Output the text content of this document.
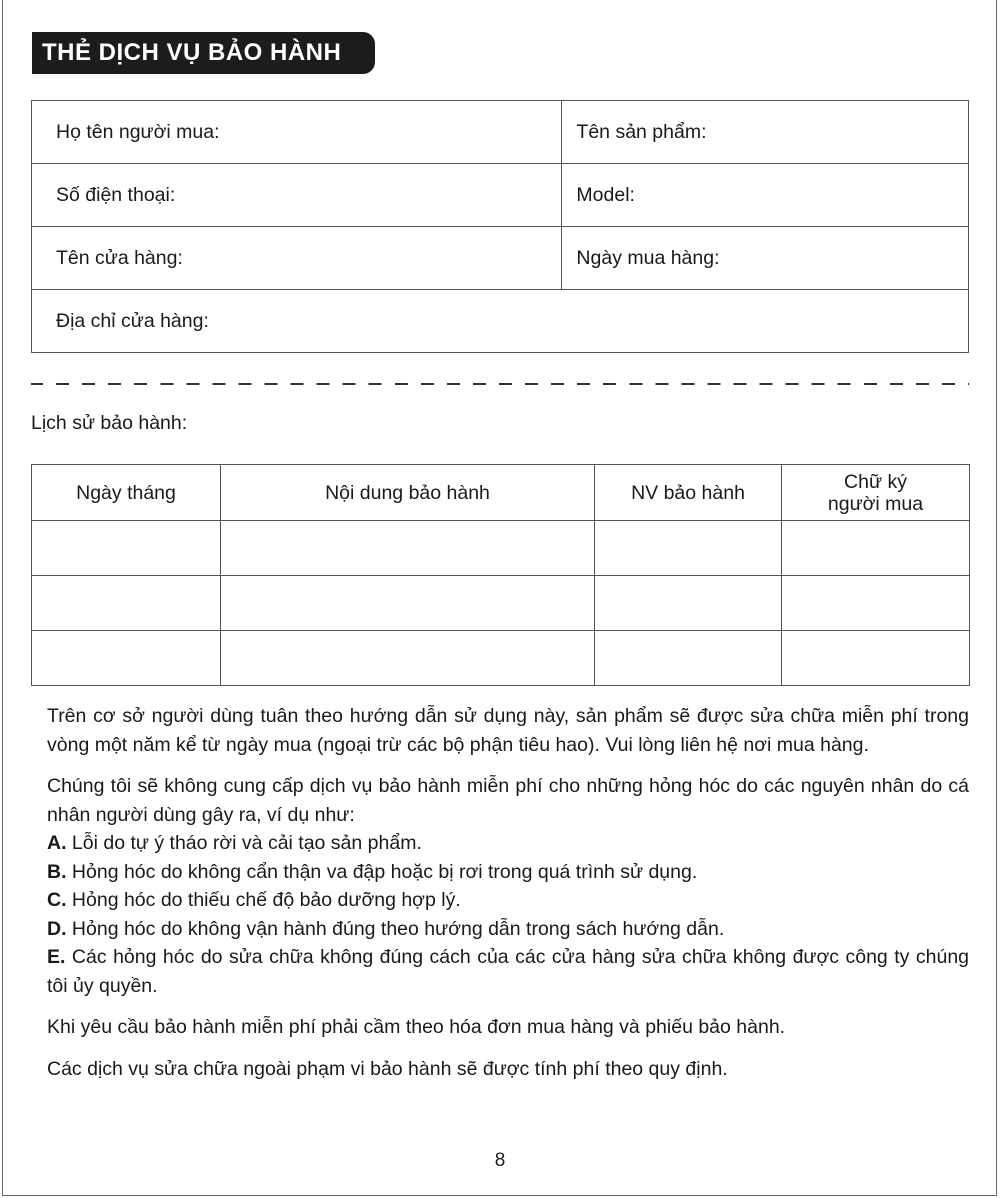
THẺ DỊCH VỤ BẢO HÀNH
Họ tên người mua:	Tên sản phẩm:
Số điện thoại:	Model:
Tên cửa hàng:	Ngày mua hàng:
Địa chỉ cửa hàng:	
Lịch sử bảo hành:
Ngày tháng	Nội dung bảo hành	NV bảo hành	Chữ ký
người mua

Trên cơ sở người dùng tuân theo hướng dẫn sử dụng này, sản phẩm sẽ được sửa chữa miễn phí trong vòng một năm kể từ ngày mua (ngoại trừ các bộ phận tiêu hao). Vui lòng liên hệ nơi mua hàng.

Chúng tôi sẽ không cung cấp dịch vụ bảo hành miễn phí cho những hỏng hóc do các nguyên nhân do cá nhân người dùng gây ra, ví dụ như:

A. Lỗi do tự ý tháo rời và cải tạo sản phẩm.
B. Hỏng hóc do không cẩn thận va đập hoặc bị rơi trong quá trình sử dụng.
C. Hỏng hóc do thiếu chế độ bảo dưỡng hợp lý.
D. Hỏng hóc do không vận hành đúng theo hướng dẫn trong sách hướng dẫn.
E. Các hỏng hóc do sửa chữa không đúng cách của các cửa hàng sửa chữa không được công ty chúng tôi ủy quyền.

Khi yêu cầu bảo hành miễn phí phải cầm theo hóa đơn mua hàng và phiếu bảo hành.

Các dịch vụ sửa chữa ngoài phạm vi bảo hành sẽ được tính phí theo quy định.

8
